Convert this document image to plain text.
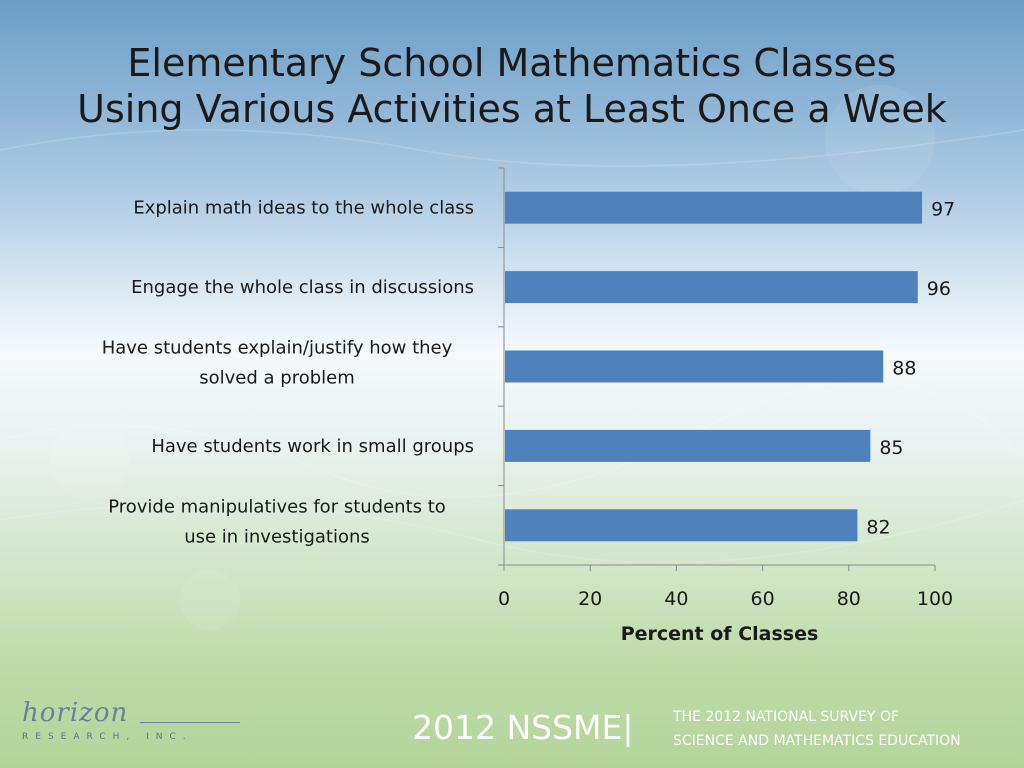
Elementary School Mathematics Classes
Using Various Activities at Least Once a Week
0	20	40	60	80	100
Percent of Classes
97
Explain math ideas to the whole class
96
Engage the whole class in discussions
88
Have students explain/justify how they solved a problem
85
Have students work in small groups
82
Provide manipulatives for students to use in investigations
horizon
RESEARCH, INC.	2012 NSSME|	THE 2012 NATIONAL SURVEY OF
SCIENCE AND MATHEMATICS EDUCATION
